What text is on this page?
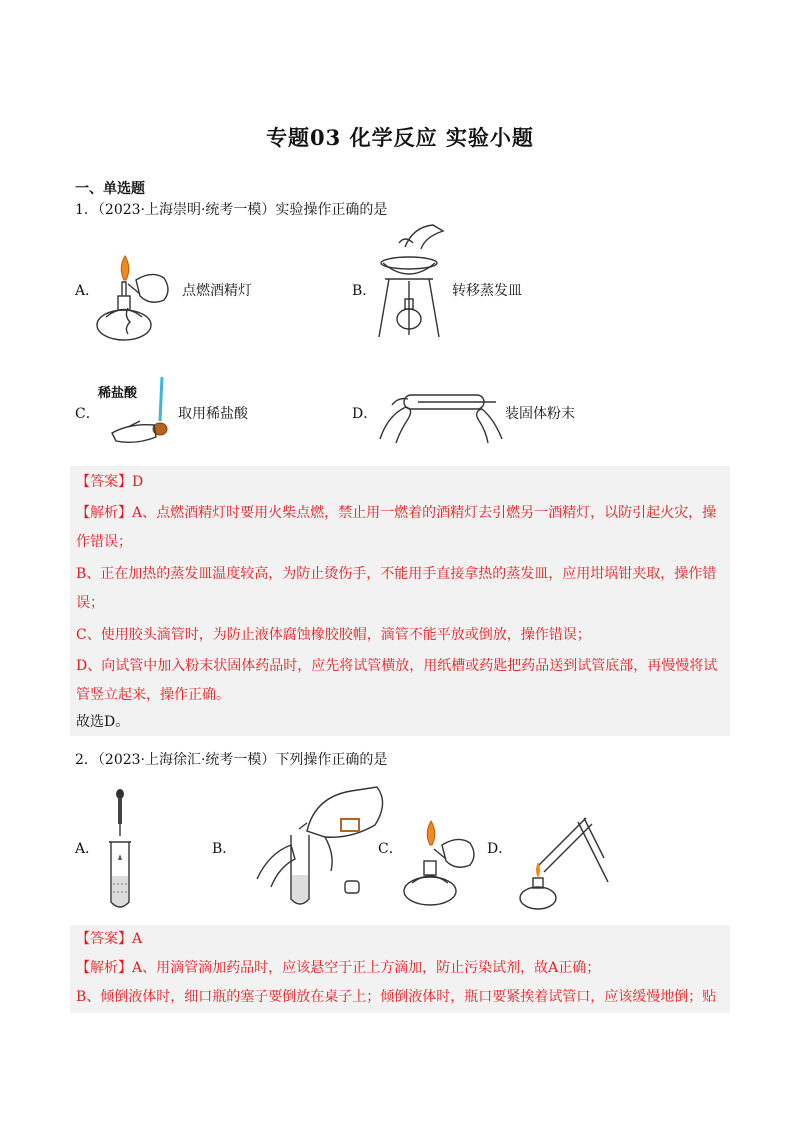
专题03 化学反应 实验小题
一、单选题
1．（2023·上海崇明·统考一模）实验操作正确的是
A．	点燃酒精灯	B．	转移蒸发皿
C．
稀盐酸
取用稀盐酸	D．	装固体粉末
【答案】D
【解析】A、点燃酒精灯时要用火柴点燃，禁止用一燃着的酒精灯去引燃另一酒精灯，以防引起火灾，操
作错误；
B、正在加热的蒸发皿温度较高，为防止烫伤手，不能用手直接拿热的蒸发皿，应用坩埚钳夹取，操作错
误；
C、使用胶头滴管时，为防止液体腐蚀橡胶胶帽，滴管不能平放或倒放，操作错误；
D、向试管中加入粉末状固体药品时，应先将试管横放，用纸槽或药匙把药品送到试管底部，再慢慢将试
管竖立起来，操作正确。
故选D。
2．（2023·上海徐汇·统考一模）下列操作正确的是
A．	B．	C．	D．
【答案】A
【解析】A、用滴管滴加药品时，应该悬空于正上方滴加，防止污染试剂，故A正确；
B、倾倒液体时，细口瓶的塞子要倒放在桌子上；倾倒液体时，瓶口要紧挨着试管口，应该缓慢地倒；贴
